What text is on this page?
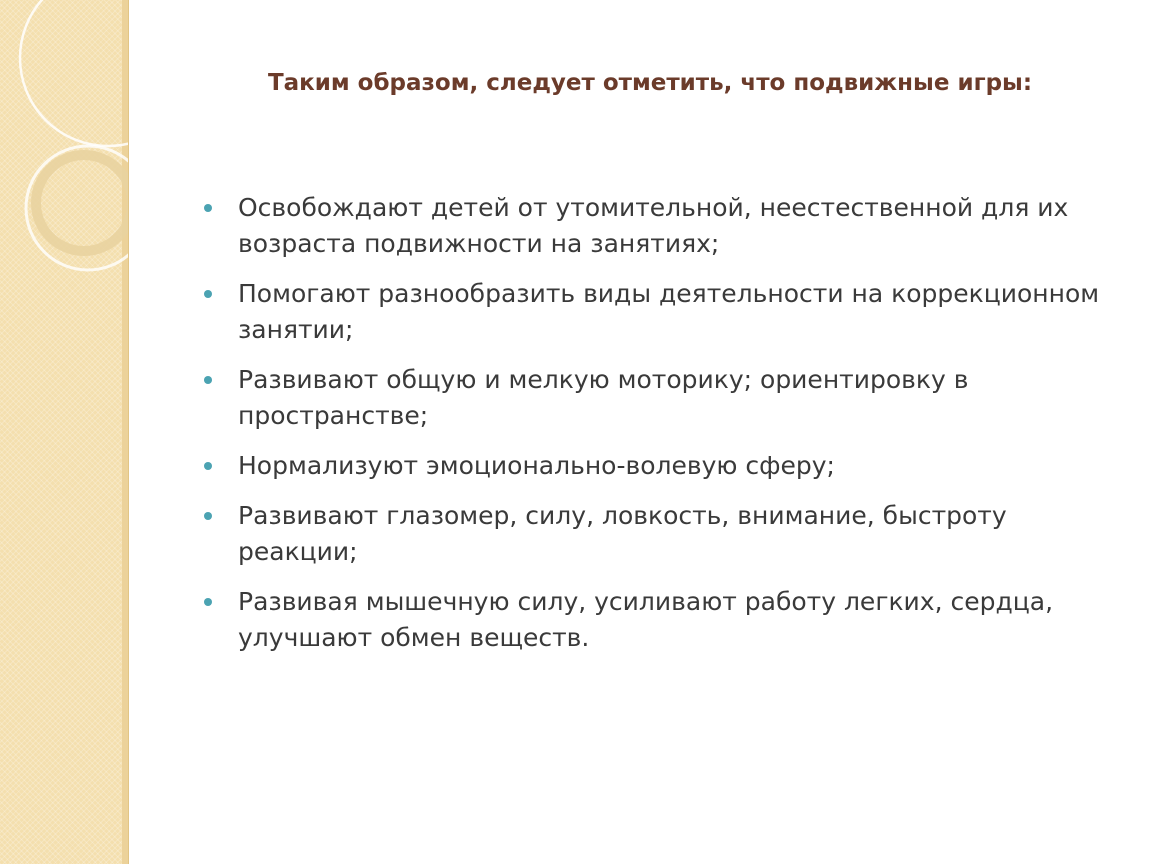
Таким образом, следует отметить, что подвижные игры:
Освобождают детей от утомительной, неестественной для их возраста подвижности на занятиях;
Помогают разнообразить виды деятельности на коррекционном занятии;
Развивают общую и мелкую моторику; ориентировку в пространстве;
Нормализуют эмоционально-волевую сферу;
Развивают глазомер, силу, ловкость, внимание, быстроту реакции;
Развивая мышечную силу, усиливают работу легких, сердца, улучшают обмен веществ.
